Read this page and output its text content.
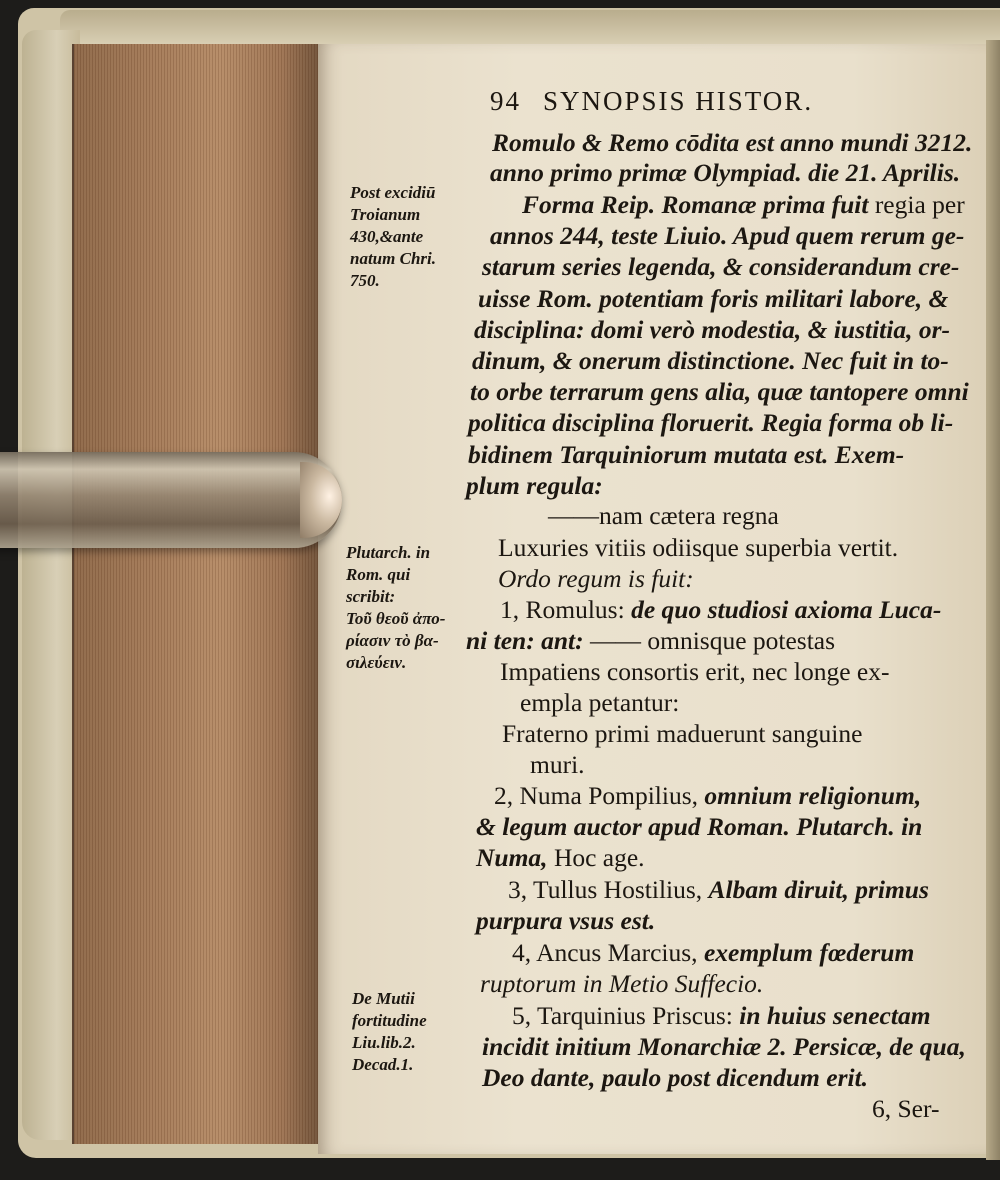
94 SYNOPSIS HISTOR.
Post excidiū
Troianum
430,&ante
natum Chri.
750.
Plutarch. in
Rom. qui
scribit:
Τοῦ θεοῦ ἀπο-
ρίασιν τὸ βα-
σιλεύειν.
De Mutii
fortitudine
Liu.lib.2.
Decad.1.
Romulo & Remo cōdita est anno mundi 3212.
anno primo primæ Olympiad. die 21. Aprilis.
Forma Reip. Romanæ prima fuit regia per
annos 244, teste Liuio. Apud quem rerum ge-
starum series legenda, & considerandum cre-
uisse Rom. potentiam foris militari labore, &
disciplina: domi verò modestia, & iustitia, or-
dinum, & onerum distinctione. Nec fuit in to-
to orbe terrarum gens alia, quæ tantopere omni
politica disciplina floruerit. Regia forma ob li-
bidinem Tarquiniorum mutata est. Exem-
plum regula:
——nam cætera regna
Luxuries vitiis odiisque superbia vertit.
Ordo regum is fuit:
1, Romulus: de quo studiosi axioma Luca-
ni ten: ant: —— omnisque potestas
Impatiens consortis erit, nec longe ex-
empla petantur:
Fraterno primi maduerunt sanguine
muri.
2, Numa Pompilius, omnium religionum,
& legum auctor apud Roman. Plutarch. in
Numa, Hoc age.
3, Tullus Hostilius, Albam diruit, primus
purpura vsus est.
4, Ancus Marcius, exemplum fœderum
ruptorum in Metio Suffecio.
5, Tarquinius Priscus: in huius senectam
incidit initium Monarchiæ 2. Persicæ, de qua,
Deo dante, paulo post dicendum erit.
6, Ser-
